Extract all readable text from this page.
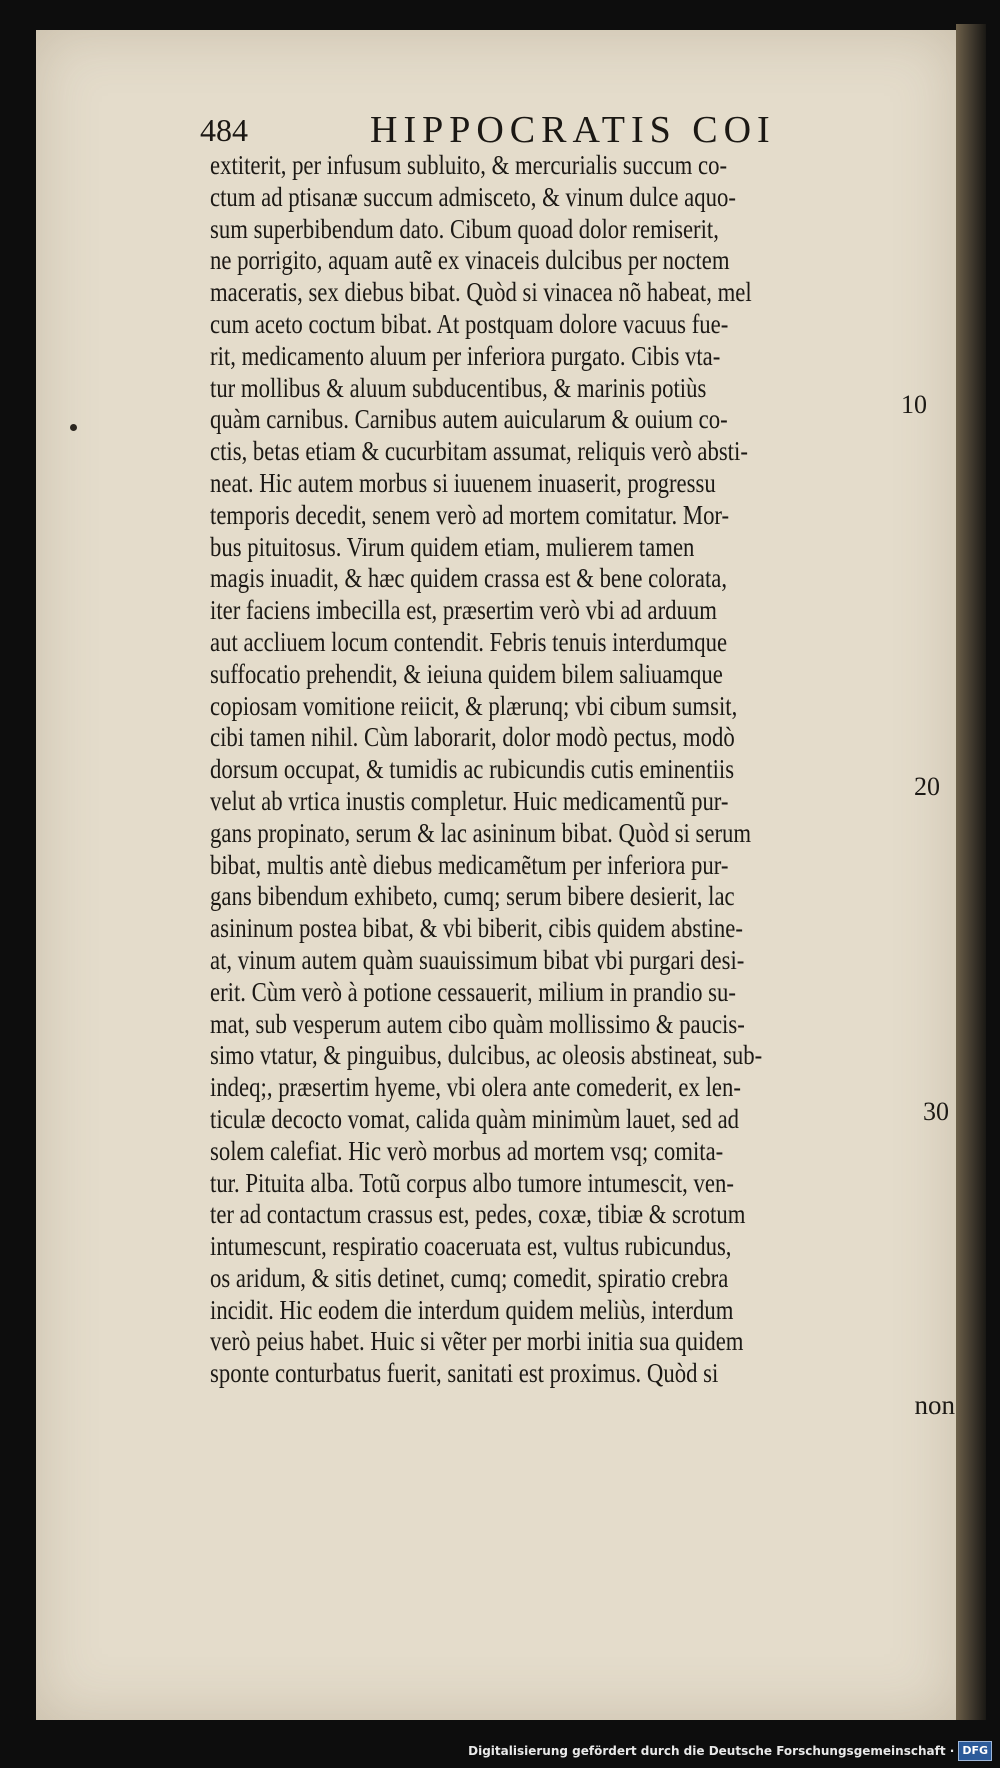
484	HIPPOCRATIS COI
extiterit, per infusum subluito, & mercurialis succum co-
ctum ad ptisanæ succum admisceto, & vinum dulce aquo-
sum superbibendum dato. Cibum quoad dolor remiserit,
ne porrigito, aquam autẽ ex vinaceis dulcibus per noctem
maceratis, sex diebus bibat. Quòd si vinacea nõ habeat, mel
cum aceto coctum bibat. At postquam dolore vacuus fue-
rit, medicamento aluum per inferiora purgato. Cibis vta-
tur mollibus & aluum subducentibus, & marinis potiùs
quàm carnibus. Carnibus autem auicularum & ouium co-
ctis, betas etiam & cucurbitam assumat, reliquis verò absti-
neat. Hic autem morbus si iuuenem inuaserit, progressu
temporis decedit, senem verò ad mortem comitatur. Mor-
bus pituitosus. Virum quidem etiam, mulierem tamen
magis inuadit, & hæc quidem crassa est & bene colorata,
iter faciens imbecilla est, præsertim verò vbi ad arduum
aut accliuem locum contendit. Febris tenuis interdumque
suffocatio prehendit, & ieiuna quidem bilem saliuamque
copiosam vomitione reiicit, & plærunq; vbi cibum sumsit,
cibi tamen nihil. Cùm laborarit, dolor modò pectus, modò
dorsum occupat, & tumidis ac rubicundis cutis eminentiis
velut ab vrtica inustis completur. Huic medicamentũ pur-
gans propinato, serum & lac asininum bibat. Quòd si serum
bibat, multis antè diebus medicamẽtum per inferiora pur-
gans bibendum exhibeto, cumq; serum bibere desierit, lac
asininum postea bibat, & vbi biberit, cibis quidem abstine-
at, vinum autem quàm suauissimum bibat vbi purgari desi-
erit. Cùm verò à potione cessauerit, milium in prandio su-
mat, sub vesperum autem cibo quàm mollissimo & paucis-
simo vtatur, & pinguibus, dulcibus, ac oleosis abstineat, sub-
indeq;, præsertim hyeme, vbi olera ante comederit, ex len-
ticulæ decocto vomat, calida quàm minimùm lauet, sed ad
solem calefiat. Hic verò morbus ad mortem vsq; comita-
tur. Pituita alba. Totũ corpus albo tumore intumescit, ven-
ter ad contactum crassus est, pedes, coxæ, tibiæ & scrotum
intumescunt, respiratio coaceruata est, vultus rubicundus,
os aridum, & sitis detinet, cumq; comedit, spiratio crebra
incidit. Hic eodem die interdum quidem meliùs, interdum
verò peius habet. Huic si vẽter per morbi initia sua quidem
sponte conturbatus fuerit, sanitati est proximus. Quòd si
non
10
20
30
Digitalisierung gefördert durch die Deutsche Forschungsgemeinschaft · DFG
